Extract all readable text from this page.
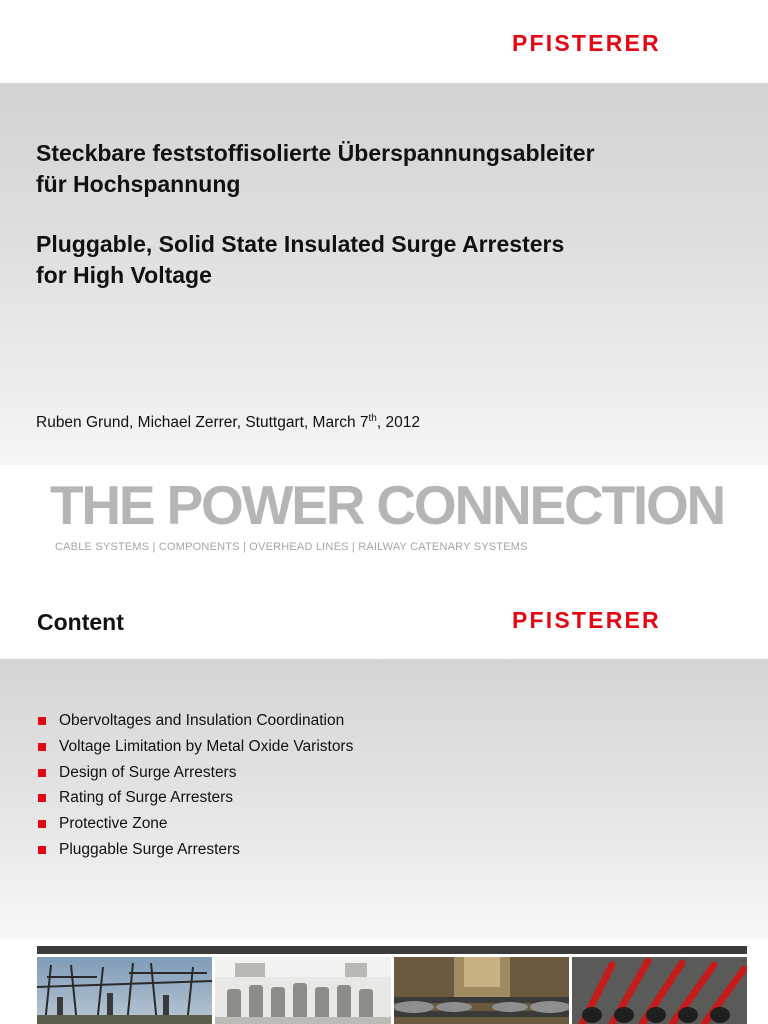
PFISTERER

Steckbare feststoffisolierte Überspannungsableiter

für Hochspannung

Pluggable, Solid State Insulated Surge Arresters

for High Voltage

Ruben Grund, Michael Zerrer, Stuttgart, March 7th, 2012
THE POWER CONNECTION
CABLE SYSTEMS | COMPONENTS | OVERHEAD LINES | RAILWAY CATENARY SYSTEMS
Content	PFISTERER
Obervoltages and Insulation Coordination
Voltage Limitation by Metal Oxide Varistors
Design of Surge Arresters
Rating of Surge Arresters
Protective Zone
Pluggable Surge Arresters
